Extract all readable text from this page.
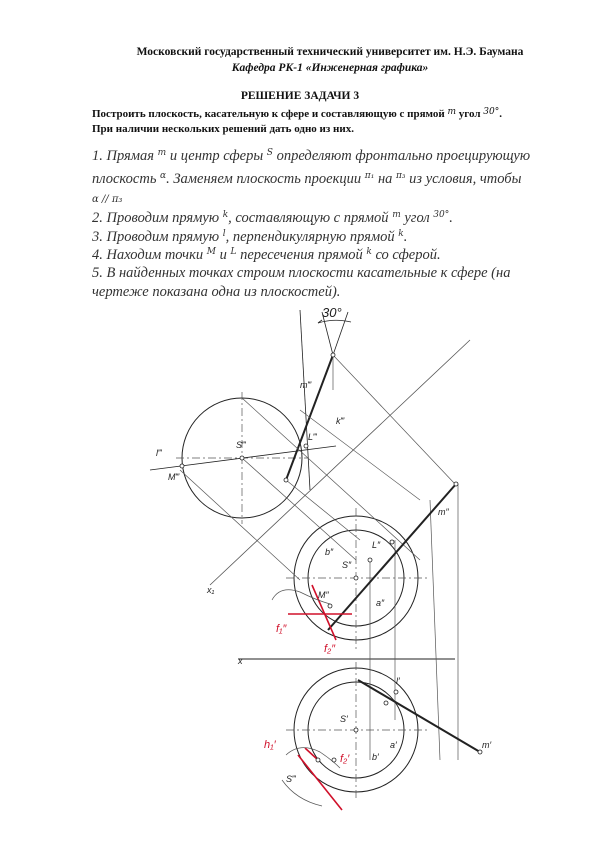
Московский государственный технический университет им. Н.Э. Баумана
Кафедра РК-1 «Инженерная графика»
РЕШЕНИЕ ЗАДАЧИ 3
Построить плоскость, касательную к сфере и составляющую с прямой $^m$ угол $^{30^\circ}$.
При наличии нескольких решений дать одно из них.
1. Прямая $^m$ и центр сферы $^S$ определяют фронтально проецирующую
плоскость $^\alpha$. Заменяем плоскость проекции $^{\pi_1}$ на $^{\pi_3}$ из условия, чтобы
α // π₃
2. Проводим прямую $^k$, составляющую с прямой $^m$ угол $^{30^\circ}$.
3. Проводим прямую $^l$, перпендикулярную прямой $^k$.
4. Находим точки $^M$ и $^L$ пересечения прямой $^k$ со сферой.
5. В найденных точках строим плоскости касательные к сфере (на
чертеже показана одна из плоскостей).
30°
m‴
k‴
l‴
L‴
S‴
M‴
x₁
m″
b″
L″
S″
M″
a″
f₁″
f₂″
x
l′
S′
m′
a′
b′
h₁′
f₂′
S‴
